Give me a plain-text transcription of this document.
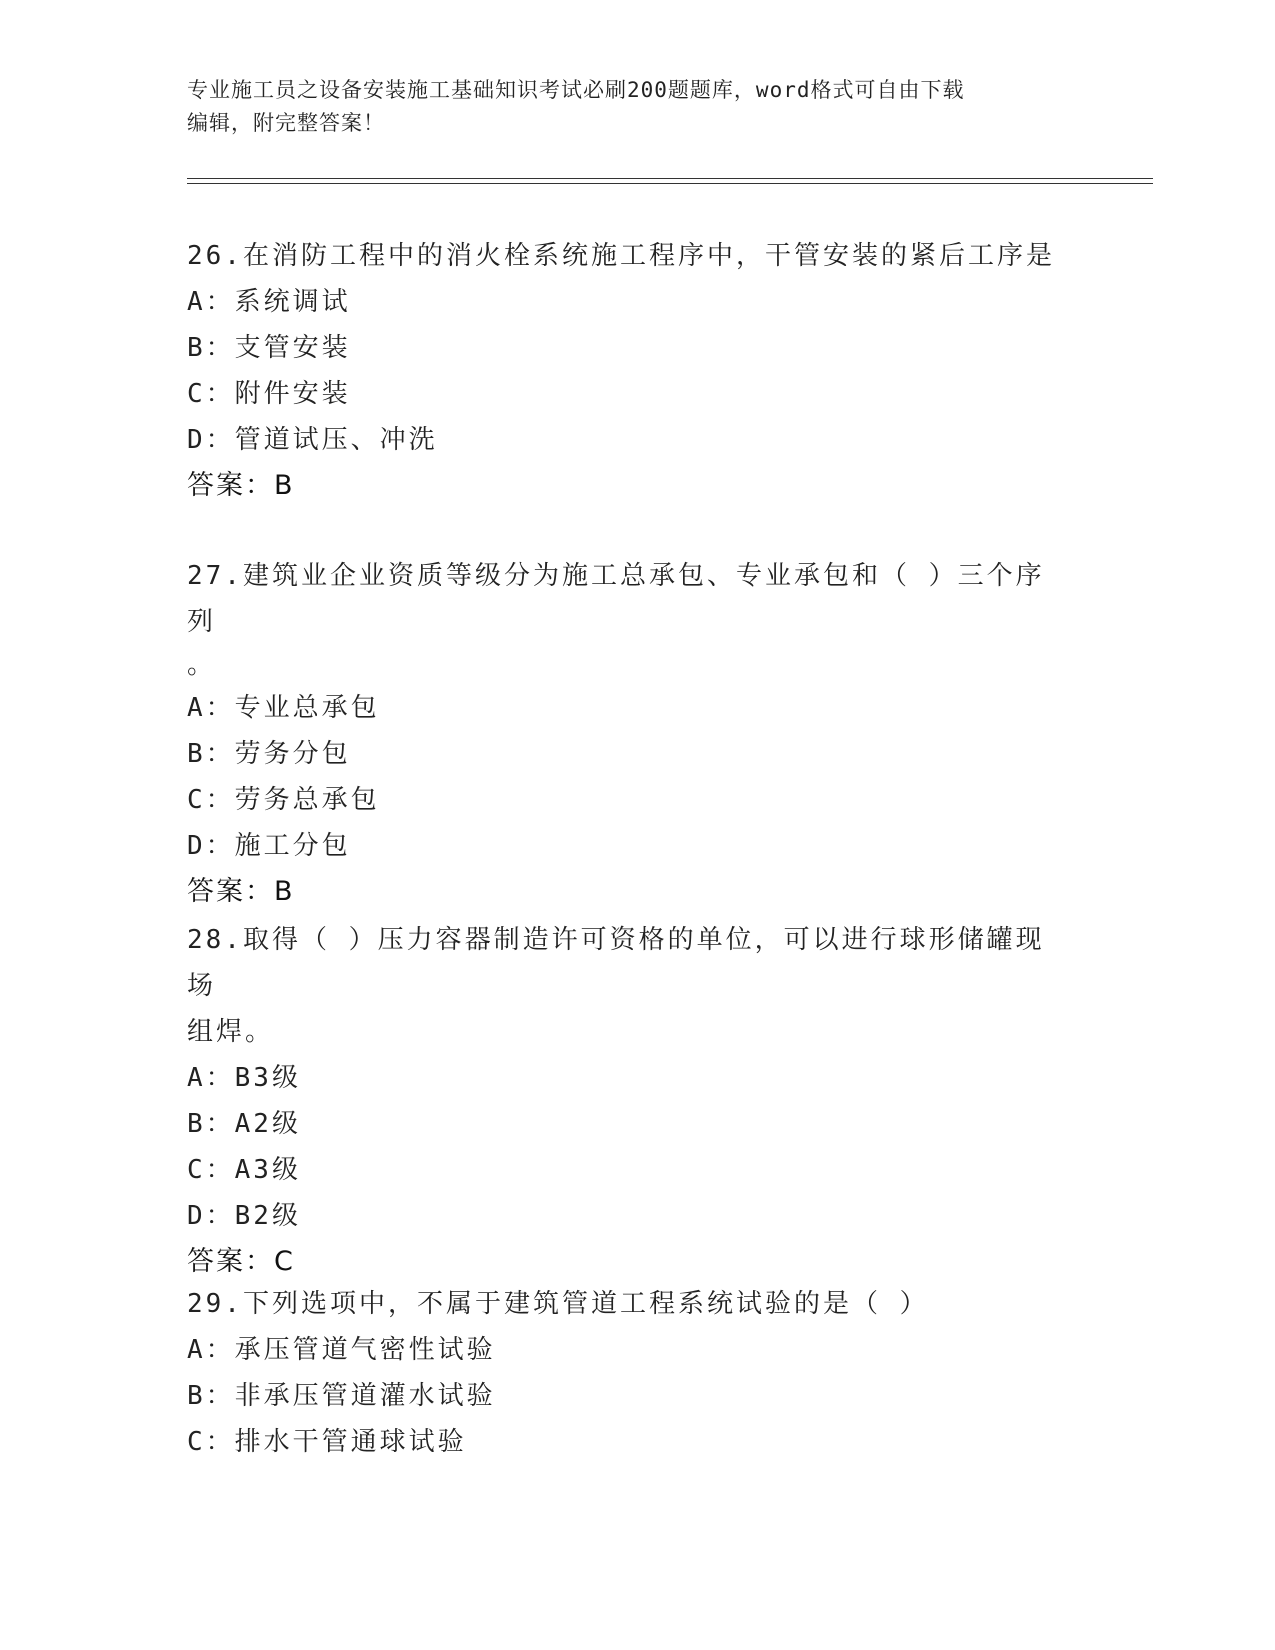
专业施工员之设备安装施工基础知识考试必刷200题题库，word格式可自由下载
编辑，附完整答案！

26.在消防工程中的消火栓系统施工程序中，干管安装的紧后工序是

A：系统调试

B：支管安装

C：附件安装

D：管道试压、冲洗

答案：B

27.建筑业企业资质等级分为施工总承包、专业承包和（ ）三个序列

。

A：专业总承包

B：劳务分包

C：劳务总承包

D：施工分包

答案：B

28.取得（ ）压力容器制造许可资格的单位，可以进行球形储罐现场

组焊。

A：B3级

B：A2级

C：A3级

D：B2级

答案：C

29.下列选项中，不属于建筑管道工程系统试验的是（ ）

A：承压管道气密性试验

B：非承压管道灌水试验

C：排水干管通球试验
